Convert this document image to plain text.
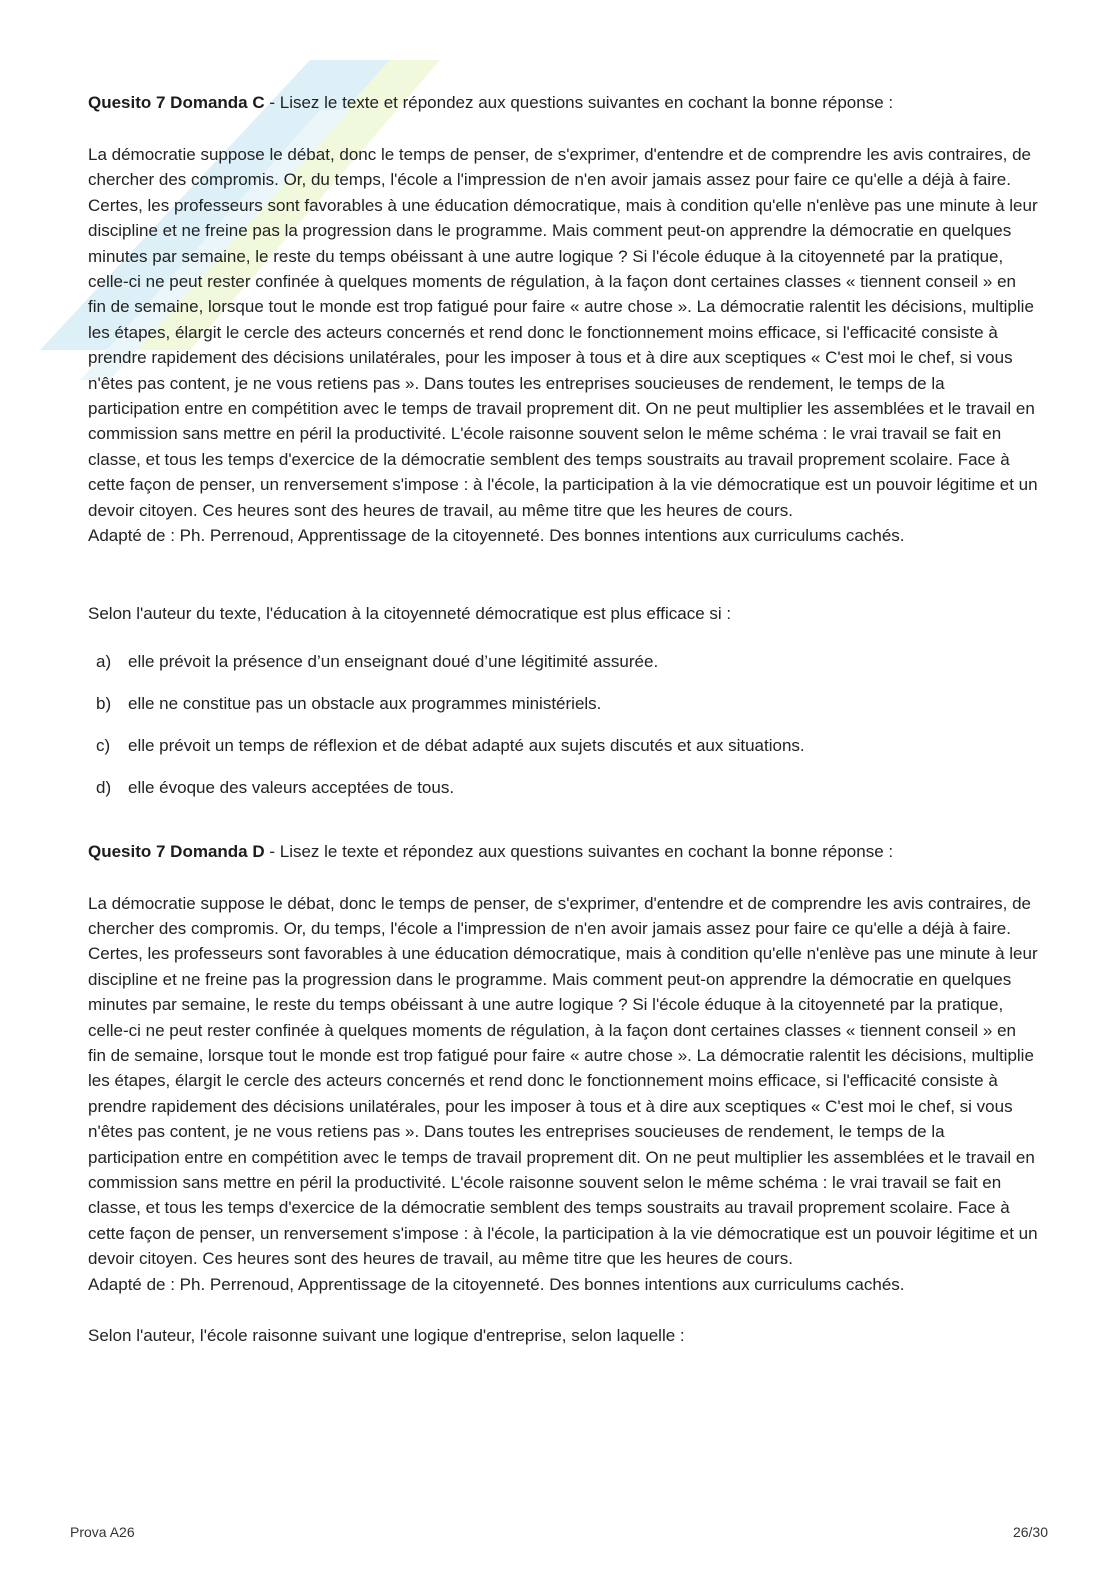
Quesito 7 Domanda C - Lisez le texte et répondez aux questions suivantes en cochant la bonne réponse :

La démocratie suppose le débat, donc le temps de penser, de s'exprimer, d'entendre et de comprendre les avis contraires, de chercher des compromis. Or, du temps, l'école a l'impression de n'en avoir jamais assez pour faire ce qu'elle a déjà à faire. Certes, les professeurs sont favorables à une éducation démocratique, mais à condition qu'elle n'enlève pas une minute à leur discipline et ne freine pas la progression dans le programme. Mais comment peut-on apprendre la démocratie en quelques minutes par semaine, le reste du temps obéissant à une autre logique ? Si l'école éduque à la citoyenneté par la pratique, celle-ci ne peut rester confinée à quelques moments de régulation, à la façon dont certaines classes « tiennent conseil » en fin de semaine, lorsque tout le monde est trop fatigué pour faire « autre chose ». La démocratie ralentit les décisions, multiplie les étapes, élargit le cercle des acteurs concernés et rend donc le fonctionnement moins efficace, si l'efficacité consiste à prendre rapidement des décisions unilatérales, pour les imposer à tous et à dire aux sceptiques « C'est moi le chef, si vous n'êtes pas content, je ne vous retiens pas ». Dans toutes les entreprises soucieuses de rendement, le temps de la participation entre en compétition avec le temps de travail proprement dit. On ne peut multiplier les assemblées et le travail en commission sans mettre en péril la productivité. L'école raisonne souvent selon le même schéma : le vrai travail se fait en classe, et tous les temps d'exercice de la démocratie semblent des temps soustraits au travail proprement scolaire. Face à cette façon de penser, un renversement s'impose : à l'école, la participation à la vie démocratique est un pouvoir légitime et un devoir citoyen. Ces heures sont des heures de travail, au même titre que les heures de cours.

Adapté de : Ph. Perrenoud, Apprentissage de la citoyenneté. Des bonnes intentions aux curriculums cachés.

Selon l'auteur du texte, l'éducation à la citoyenneté démocratique est plus efficace si :

a) elle prévoit la présence d’un enseignant doué d’une légitimité assurée.
b) elle ne constitue pas un obstacle aux programmes ministériels.
c)	elle prévoit un temps de réflexion et de débat adapté aux sujets discutés et aux situations.
d) elle évoque des valeurs acceptées de tous.

Quesito 7 Domanda D - Lisez le texte et répondez aux questions suivantes en cochant la bonne réponse :

La démocratie suppose le débat, donc le temps de penser, de s'exprimer, d'entendre et de comprendre les avis contraires, de chercher des compromis. Or, du temps, l'école a l'impression de n'en avoir jamais assez pour faire ce qu'elle a déjà à faire. Certes, les professeurs sont favorables à une éducation démocratique, mais à condition qu'elle n'enlève pas une minute à leur discipline et ne freine pas la progression dans le programme. Mais comment peut-on apprendre la démocratie en quelques minutes par semaine, le reste du temps obéissant à une autre logique ? Si l'école éduque à la citoyenneté par la pratique, celle-ci ne peut rester confinée à quelques moments de régulation, à la façon dont certaines classes « tiennent conseil » en fin de semaine, lorsque tout le monde est trop fatigué pour faire « autre chose ». La démocratie ralentit les décisions, multiplie les étapes, élargit le cercle des acteurs concernés et rend donc le fonctionnement moins efficace, si l'efficacité consiste à prendre rapidement des décisions unilatérales, pour les imposer à tous et à dire aux sceptiques « C'est moi le chef, si vous n'êtes pas content, je ne vous retiens pas ». Dans toutes les entreprises soucieuses de rendement, le temps de la participation entre en compétition avec le temps de travail proprement dit. On ne peut multiplier les assemblées et le travail en commission sans mettre en péril la productivité. L'école raisonne souvent selon le même schéma : le vrai travail se fait en classe, et tous les temps d'exercice de la démocratie semblent des temps soustraits au travail proprement scolaire. Face à cette façon de penser, un renversement s'impose : à l'école, la participation à la vie démocratique est un pouvoir légitime et un devoir citoyen. Ces heures sont des heures de travail, au même titre que les heures de cours.

Adapté de : Ph. Perrenoud, Apprentissage de la citoyenneté. Des bonnes intentions aux curriculums cachés.

Selon l'auteur, l'école raisonne suivant une logique d'entreprise, selon laquelle :

Prova A26	26/30
